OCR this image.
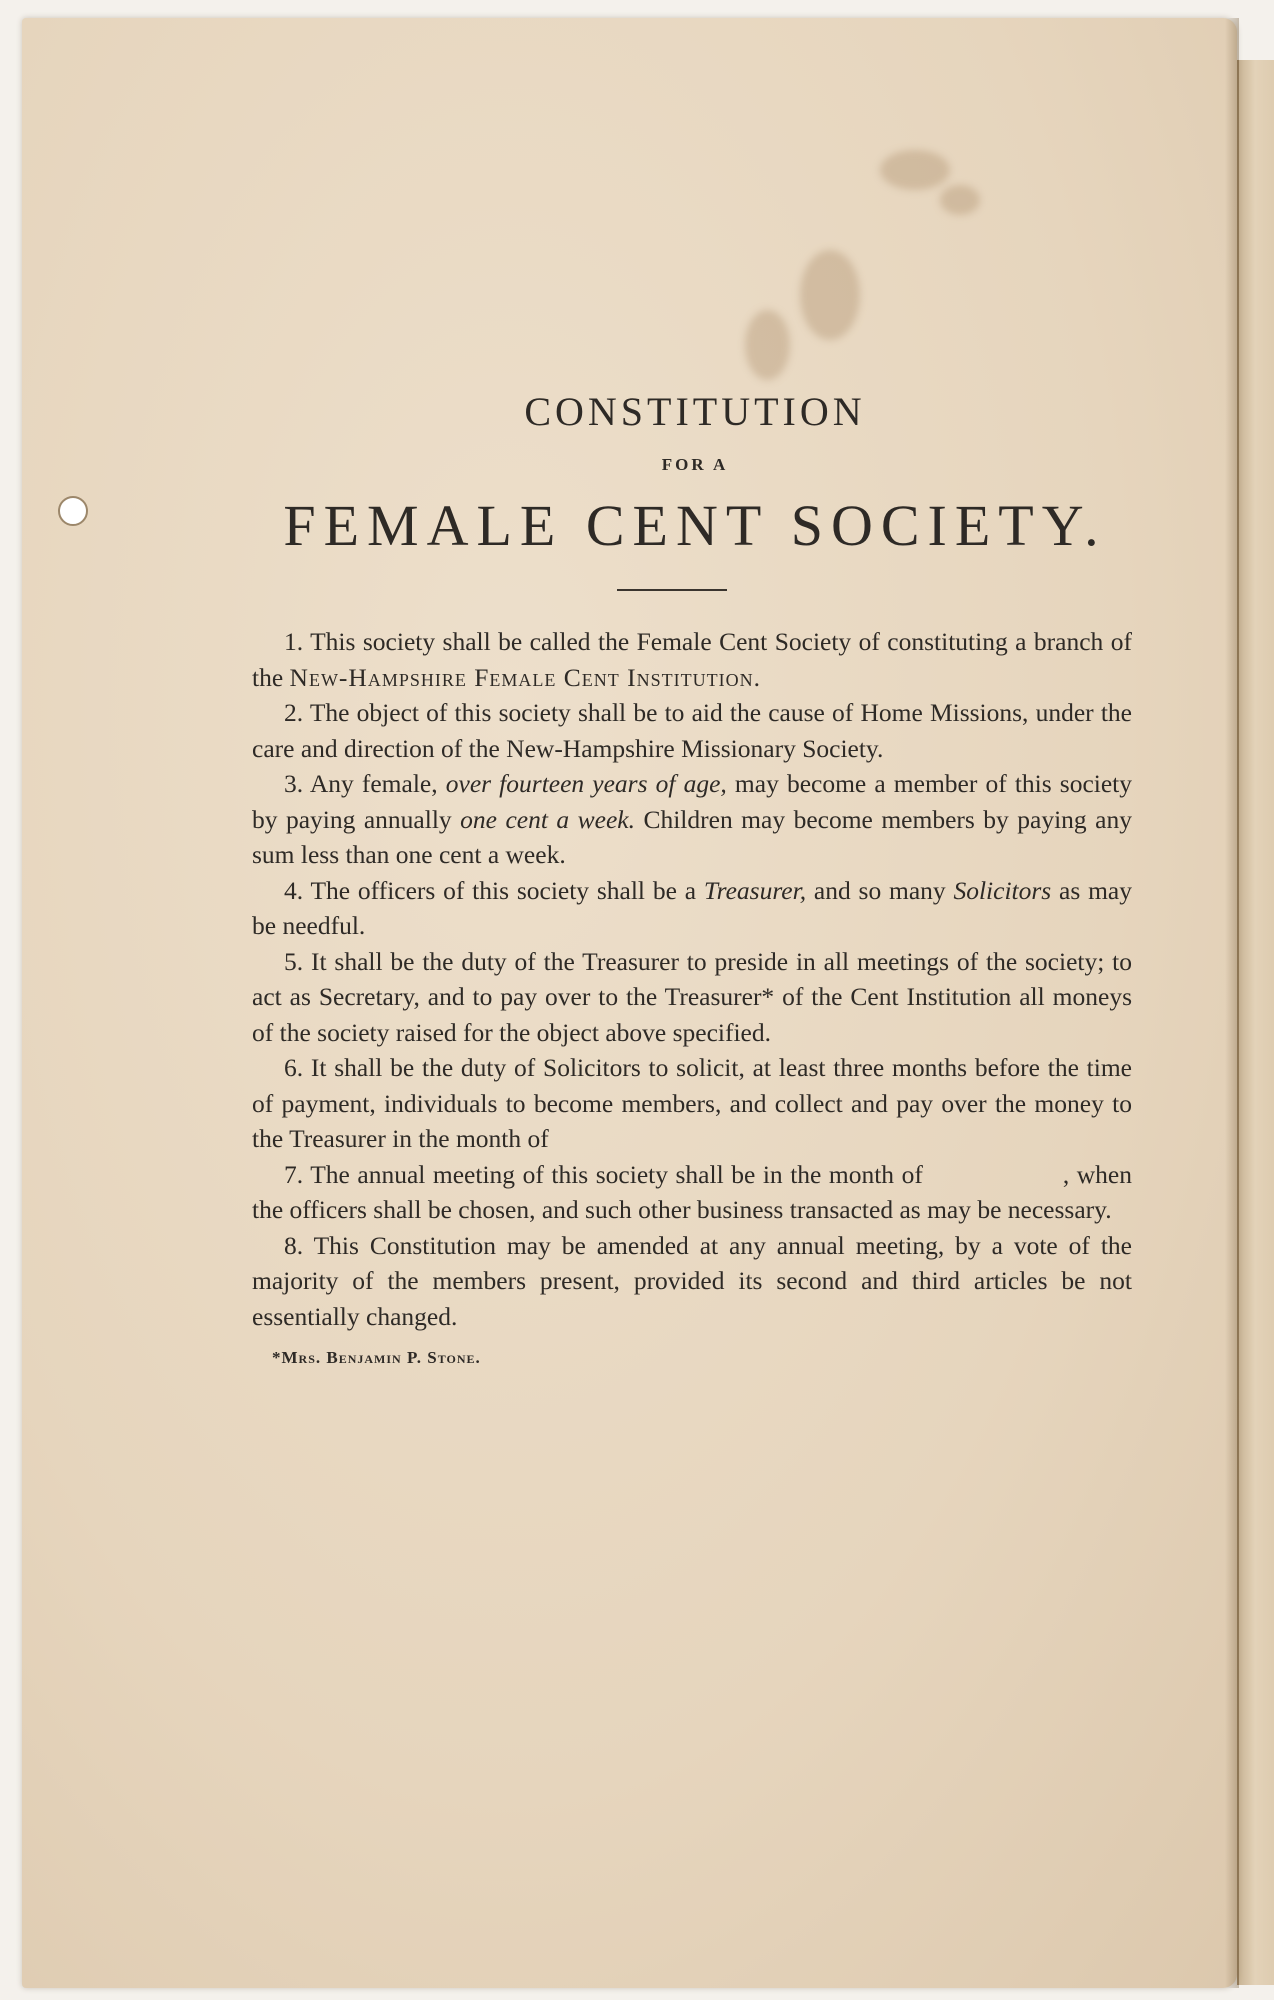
CONSTITUTION
FOR A
FEMALE CENT SOCIETY.

1. This society shall be called the Female Cent Society of constituting a branch of the New-Hampshire Female Cent Institution.

2. The object of this society shall be to aid the cause of Home Missions, under the care and direction of the New-Hampshire Missionary Society.

3. Any female, over fourteen years of age, may become a member of this society by paying annually one cent a week. Children may become members by paying any sum less than one cent a week.

4. The officers of this society shall be a Treasurer, and so many Solicitors as may be needful.

5. It shall be the duty of the Treasurer to preside in all meetings of the society; to act as Secretary, and to pay over to the Treasurer* of the Cent Institution all moneys of the society raised for the object above specified.

6. It shall be the duty of Solicitors to solicit, at least three months before the time of payment, individuals to become members, and collect and pay over the money to the Treasurer in the month of

7. The annual meeting of this society shall be in the month of	, when the officers shall be chosen, and such other business transacted as may be necessary.

8. This Constitution may be amended at any annual meeting, by a vote of the majority of the members present, provided its second and third articles be not essentially changed.

*Mrs. Benjamin P. Stone.
